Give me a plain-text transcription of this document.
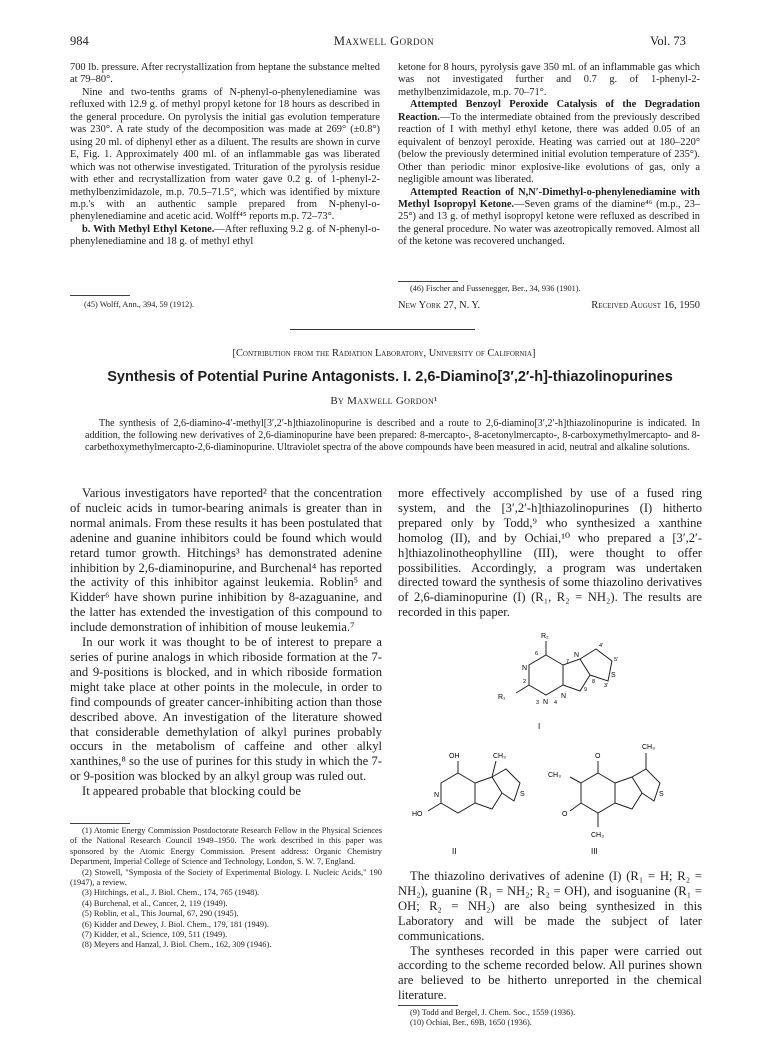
984	Maxwell Gordon	Vol. 73

700 lb. pressure. After recrystallization from heptane the substance melted at 79–80°.

Nine and two-tenths grams of N-phenyl-o-phenylenediamine was refluxed with 12.9 g. of methyl propyl ketone for 18 hours as described in the general procedure. On pyrolysis the initial gas evolution temperature was 230°. A rate study of the decomposition was made at 269° (±0.8°) using 20 ml. of diphenyl ether as a diluent. The results are shown in curve E, Fig. 1. Approximately 400 ml. of an inflammable gas was liberated which was not otherwise investigated. Trituration of the pyrolysis residue with ether and recrystallization from water gave 0.2 g. of 1-phenyl-2-methylbenzimidazole, m.p. 70.5–71.5°, which was identified by mixture m.p.'s with an authentic sample prepared from N-phenyl-o-phenylenediamine and acetic acid. Wolff⁴⁵ reports m.p. 72–73°.

b. With Methyl Ethyl Ketone.—After refluxing 9.2 g. of N-phenyl-o-phenylenediamine and 18 g. of methyl ethyl

(45) Wolff, Ann., 394, 59 (1912).

ketone for 8 hours, pyrolysis gave 350 ml. of an inflammable gas which was not investigated further and 0.7 g. of 1-phenyl-2-methylbenzimidazole, m.p. 70–71°.

Attempted Benzoyl Peroxide Catalysis of the Degradation Reaction.—To the intermediate obtained from the previously described reaction of I with methyl ethyl ketone, there was added 0.05 of an equivalent of benzoyl peroxide. Heating was carried out at 180–220° (below the previously determined initial evolution temperature of 235°). Other than periodic minor explosive-like evolutions of gas, only a negligible amount was liberated.

Attempted Reaction of N,N′-Dimethyl-o-phenylenediamine with Methyl Isopropyl Ketone.—Seven grams of the diamine⁴⁶ (m.p., 23–25°) and 13 g. of methyl isopropyl ketone were refluxed as described in the general procedure. No water was azeotropically removed. Almost all of the ketone was recovered unchanged.

(46) Fischer and Fussenegger, Ber., 34, 936 (1901).

New York 27, N. Y.	Received August 16, 1950
[Contribution from the Radiation Laboratory, University of California]
Synthesis of Potential Purine Antagonists. I. 2,6-Diamino[3′,2′-h]-thiazolinopurines
By Maxwell Gordon¹
The synthesis of 2,6-diamino-4′-methyl[3′,2′-h]thiazolinopurine is described and a route to 2,6-diamino[3′,2′-h]thiazolinopurine is indicated. In addition, the following new derivatives of 2,6-diaminopurine have been prepared: 8-mercapto-, 8-acetonylmercapto-, 8-carboxymethylmercapto- and 8-carbethoxymethylmercapto-2,6-diaminopurine. Ultraviolet spectra of the above compounds have been measured in acid, neutral and alkaline solutions.

Various investigators have reported² that the concentration of nucleic acids in tumor-bearing animals is greater than in normal animals. From these results it has been postulated that adenine and guanine inhibitors could be found which would retard tumor growth. Hitchings³ has demonstrated adenine inhibition by 2,6-diaminopurine, and Burchenal⁴ has reported the activity of this inhibitor against leukemia. Roblin⁵ and Kidder⁶ have shown purine inhibition by 8-azaguanine, and the latter has extended the investigation of this compound to include demonstration of inhibition of mouse leukemia.⁷

In our work it was thought to be of interest to prepare a series of purine analogs in which riboside formation at the 7- and 9-positions is blocked, and in which riboside formation might take place at other points in the molecule, in order to find compounds of greater cancer-inhibiting action than those described above. An investigation of the literature showed that considerable demethylation of alkyl purines probably occurs in the metabolism of caffeine and other alkyl xanthines,⁸ so the use of purines for this study in which the 7- or 9-position was blocked by an alkyl group was ruled out.

It appeared probable that blocking could be

(1) Atomic Energy Commission Postdoctorate Research Fellow in the Physical Sciences of the National Research Council 1949–1950. The work described in this paper was sponsored by the Atomic Energy Commission. Present address: Organic Chemistry Department, Imperial College of Science and Technology, London, S. W. 7, England.

(2) Stowell, "Symposia of the Society of Experimental Biology. I. Nucleic Acids," 190 (1947), a review.

(3) Hitchings, et al., J. Biol. Chem., 174, 765 (1948).

(4) Burchenal, et al., Cancer, 2, 119 (1949).

(5) Roblin, et al., This Journal, 67, 290 (1945).

(6) Kidder and Dewey, J. Biol. Chem., 179, 181 (1949).

(7) Kidder, et al., Science, 109, 511 (1949).

(8) Meyers and Hanzal, J. Biol. Chem., 162, 309 (1946).

more effectively accomplished by use of a fused ring system, and the [3′,2′-h]thiazolinopurines (I) hitherto prepared only by Todd,⁹ who synthesized a xanthine homolog (II), and by Ochiai,¹⁰ who prepared a [3′,2′-h]thiazolinotheophylline (III), were thought to offer possibilities. Accordingly, a program was undertaken directed toward the synthesis of some thiazolino derivatives of 2,6-diaminopurine (I) (R₁, R₂ = NH₂). The results are recorded in this paper.

R₂
R₁
N
N
N
N
S
7
6
2
3	4
8
9
4′
5′
3′
I
OH	CH₃
HO
N	S
II
O
CH₃
CH₃
O
CH₃
S
III

The thiazolino derivatives of adenine (I) (R₁ = H; R₂ = NH₂), guanine (R₁ = NH₂; R₂ = OH), and isoguanine (R₁ = OH; R₂ = NH₂) are also being synthesized in this Laboratory and will be made the subject of later communications.

The syntheses recorded in this paper were carried out according to the scheme recorded below. All purines shown are believed to be hitherto unreported in the chemical literature.

(9) Todd and Bergel, J. Chem. Soc., 1559 (1936).

(10) Ochiai, Ber., 69B, 1650 (1936).
